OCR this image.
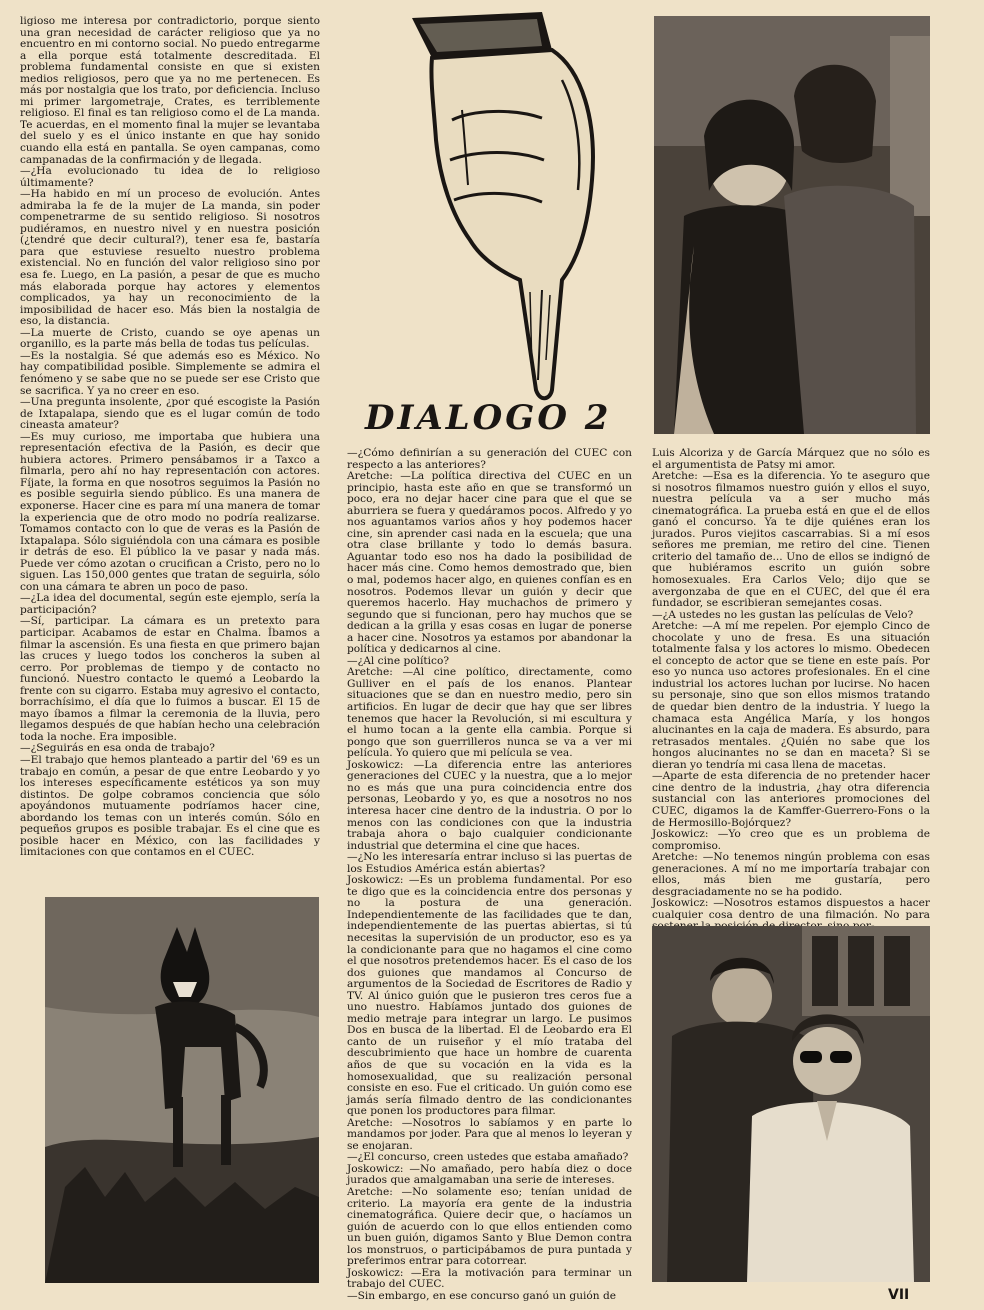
ligioso me interesa por contradictorio, porque siento una gran necesidad de carácter religioso que ya no encuentro en mi contorno social. No puedo entregarme a ella porque está totalmente descreditada. El problema fundamental consiste en que si existen medios religiosos, pero que ya no me pertenecen. Es más por nostalgia que los trato, por deficiencia. Incluso mi primer largometraje, Crates, es terriblemente religioso. El final es tan religioso como el de La manda. Te acuerdas, en el momento final la mujer se levantaba del suelo y es el único instante en que hay sonido cuando ella está en pantalla. Se oyen campanas, como campanadas de la confirmación y de llegada.

—¿Ha evolucionado tu idea de lo religioso últimamente?

—Ha habido en mí un proceso de evolución. Antes admiraba la fe de la mujer de La manda, sin poder compenetrarme de su sentido religioso. Si nosotros pudiéramos, en nuestro nivel y en nuestra posición (¿tendré que decir cultural?), tener esa fe, bastaría para que estuviese resuelto nuestro problema existencial. No en función del valor religioso sino por esa fe. Luego, en La pasión, a pesar de que es mucho más elaborada porque hay actores y elementos complicados, ya hay un reconocimiento de la imposibilidad de hacer eso. Más bien la nostalgia de eso, la distancia.

—La muerte de Cristo, cuando se oye apenas un organillo, es la parte más bella de todas tus películas.

—Es la nostalgia. Sé que además eso es México. No hay compatibilidad posible. Simplemente se admira el fenómeno y se sabe que no se puede ser ese Cristo que se sacrifica. Y ya no creer en eso.

—Una pregunta insolente, ¿por qué escogiste la Pasión de Ixtapalapa, siendo que es el lugar común de todo cineasta amateur?

—Es muy curioso, me importaba que hubiera una representación efectiva de la Pasión, es decir que hubiera actores. Primero pensábamos ir a Taxco a filmarla, pero ahí no hay representación con actores. Fíjate, la forma en que nosotros seguimos la Pasión no es posible seguirla siendo público. Es una manera de exponerse. Hacer cine es para mí una manera de tomar la experiencia que de otro modo no podría realizarse. Tomamos contacto con lo que de veras es la Pasión de Ixtapalapa. Sólo siguiéndola con una cámara es posible ir detrás de eso. El público la ve pasar y nada más. Puede ver cómo azotan o crucifican a Cristo, pero no lo siguen. Las 150,000 gentes que tratan de seguirla, sólo con una cámara te abren un poco de paso.

—¿La idea del documental, según este ejemplo, sería la participación?

—Sí, participar. La cámara es un pretexto para participar. Acabamos de estar en Chalma. Íbamos a filmar la ascensión. Es una fiesta en que primero bajan las cruces y luego todos los concheros la suben al cerro. Por problemas de tiempo y de contacto no funcionó. Nuestro contacto le quemó a Leobardo la frente con su cigarro. Estaba muy agresivo el contacto, borrachísimo, el día que lo fuimos a buscar. El 15 de mayo íbamos a filmar la ceremonia de la lluvia, pero llegamos después de que habían hecho una celebración toda la noche. Era imposible.

—¿Seguirás en esa onda de trabajo?

—El trabajo que hemos planteado a partir del '69 es un trabajo en común, a pesar de que entre Leobardo y yo los intereses específicamente estéticos ya son muy distintos. De golpe cobramos conciencia que sólo apoyándonos mutuamente podríamos hacer cine, abordando los temas con un interés común. Sólo en pequeños grupos es posible trabajar. Es el cine que es posible hacer en México, con las facilidades y limitaciones con que contamos en el CUEC.

DIALOGO 2

—¿Cómo definirían a su generación del CUEC con respecto a las anteriores?

Aretche: —La política directiva del CUEC en un principio, hasta este año en que se transformó un poco, era no dejar hacer cine para que el que se aburriera se fuera y quedáramos pocos. Alfredo y yo nos aguantamos varios años y hoy podemos hacer cine, sin aprender casi nada en la escuela; que una otra clase brillante y todo lo demás basura. Aguantar todo eso nos ha dado la posibilidad de hacer más cine. Como hemos demostrado que, bien o mal, podemos hacer algo, en quienes confían es en nosotros. Podemos llevar un guión y decir que queremos hacerlo. Hay muchachos de primero y segundo que si funcionan, pero hay muchos que se dedican a la grilla y esas cosas en lugar de ponerse a hacer cine. Nosotros ya estamos por abandonar la política y dedicarnos al cine.

—¿Al cine político?

Aretche: —Al cine político, directamente, como Gulliver en el país de los enanos. Plantear situaciones que se dan en nuestro medio, pero sin artificios. En lugar de decir que hay que ser libres tenemos que hacer la Revolución, si mi escultura y el humo tocan a la gente ella cambia. Porque si pongo que son guerrilleros nunca se va a ver mi película. Yo quiero que mi película se vea.

Joskowicz: —La diferencia entre las anteriores generaciones del CUEC y la nuestra, que a lo mejor no es más que una pura coincidencia entre dos personas, Leobardo y yo, es que a nosotros no nos interesa hacer cine dentro de la industria. O por lo menos con las condiciones con que la industria trabaja ahora o bajo cualquier condicionante industrial que determina el cine que haces.

—¿No les interesaría entrar incluso si las puertas de los Estudios América están abiertas?

Joskowicz: —Es un problema fundamental. Por eso te digo que es la coincidencia entre dos personas y no la postura de una generación. Independientemente de las facilidades que te dan, independientemente de las puertas abiertas, si tú necesitas la supervisión de un productor, eso es ya la condicionante para que no hagamos el cine como el que nosotros pretendemos hacer. Es el caso de los dos guiones que mandamos al Concurso de argumentos de la Sociedad de Escritores de Radio y TV. Al único guión que le pusieron tres ceros fue a uno nuestro. Habíamos juntado dos guiones de medio metraje para integrar un largo. Le pusimos Dos en busca de la libertad. El de Leobardo era El canto de un ruiseñor y el mío trataba del descubrimiento que hace un hombre de cuarenta años de que su vocación en la vida es la homosexualidad, que su realización personal consiste en eso. Fue el criticado. Un guión como ese jamás sería filmado dentro de las condicionantes que ponen los productores para filmar.

Aretche: —Nosotros lo sabíamos y en parte lo mandamos por joder. Para que al menos lo leyeran y se enojaran.

—¿El concurso, creen ustedes que estaba amañado?

Joskowicz: —No amañado, pero había diez o doce jurados que amalgamaban una serie de intereses.

Aretche: —No solamente eso; tenían unidad de criterio. La mayoría era gente de la industria cinematográfica. Quiere decir que, o hacíamos un guión de acuerdo con lo que ellos entienden como un buen guión, digamos Santo y Blue Demon contra los monstruos, o participábamos de pura puntada y preferimos entrar para cotorrear.

Joskowicz: —Era la motivación para terminar un trabajo del CUEC.

—Sin embargo, en ese concurso ganó un guión de

Luis Alcoriza y de García Márquez que no sólo es el argumentista de Patsy mi amor.

Aretche: —Esa es la diferencia. Yo te aseguro que si nosotros filmamos nuestro guión y ellos el suyo, nuestra película va a ser mucho más cinematográfica. La prueba está en que el de ellos ganó el concurso. Ya te dije quiénes eran los jurados. Puros viejitos cascarrabias. Si a mí esos señores me premian, me retiro del cine. Tienen criterio del tamaño de... Uno de ellos se indignó de que hubiéramos escrito un guión sobre homosexuales. Era Carlos Velo; dijo que se avergonzaba de que en el CUEC, del que él era fundador, se escribieran semejantes cosas.

—¿A ustedes no les gustan las películas de Velo?

Aretche: —A mí me repelen. Por ejemplo Cinco de chocolate y uno de fresa. Es una situación totalmente falsa y los actores lo mismo. Obedecen el concepto de actor que se tiene en este país. Por eso yo nunca uso actores profesionales. En el cine industrial los actores luchan por lucirse. No hacen su personaje, sino que son ellos mismos tratando de quedar bien dentro de la industria. Y luego la chamaca esta Angélica María, y los hongos alucinantes en la caja de madera. Es absurdo, para retrasados mentales. ¿Quién no sabe que los hongos alucinantes no se dan en maceta? Si se dieran yo tendría mi casa llena de macetas.

—Aparte de esta diferencia de no pretender hacer cine dentro de la industria, ¿hay otra diferencia sustancial con las anteriores promociones del CUEC, digamos la de Kamffer-Guerrero-Fons o la de Hermosillo-Bojórquez?

Joskowicz: —Yo creo que es un problema de compromiso.

Aretche: —No tenemos ningún problema con esas generaciones. A mí no me importaría trabajar con ellos, más bien me gustaría, pero desgraciadamente no se ha podido.

Joskowicz: —Nosotros estamos dispuestos a hacer cualquier cosa dentro de una filmación. No para

VII
